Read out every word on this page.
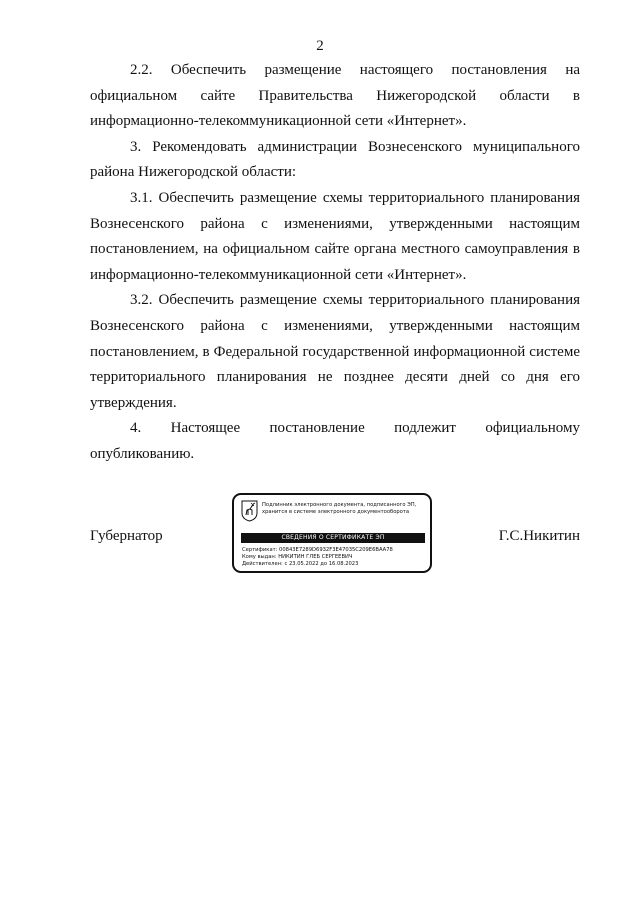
2

2.2. Обеспечить размещение настоящего постановления на официальном сайте Правительства Нижегородской области в информационно-телекоммуникационной сети «Интернет».

3. Рекомендовать администрации Вознесенского муниципального района Нижегородской области:

3.1. Обеспечить размещение схемы территориального планирования Вознесенского района с изменениями, утвержденными настоящим постановлением, на официальном сайте органа местного самоуправления в информационно-телекоммуникационной сети «Интернет».

3.2. Обеспечить размещение схемы территориального планирования Вознесенского района с изменениями, утвержденными настоящим постановлением, в Федеральной государственной информационной системе территориального планирования не позднее десяти дней со дня его утверждения.

4. Настоящее постановление подлежит официальному опубликованию.

Губернатор
Подлинник электронного документа, подписанного ЭП,
хранится в системе электронного документооборота
СВЕДЕНИЯ О СЕРТИФИКАТЕ ЭП
Сертификат: 00843E7289D6932F3E47035C209E6BAA78
Кому выдан: НИКИТИН ГЛЕБ СЕРГЕЕВИЧ
Действителен: с 23.05.2022 до 16.08.2023
Г.С.Никитин
